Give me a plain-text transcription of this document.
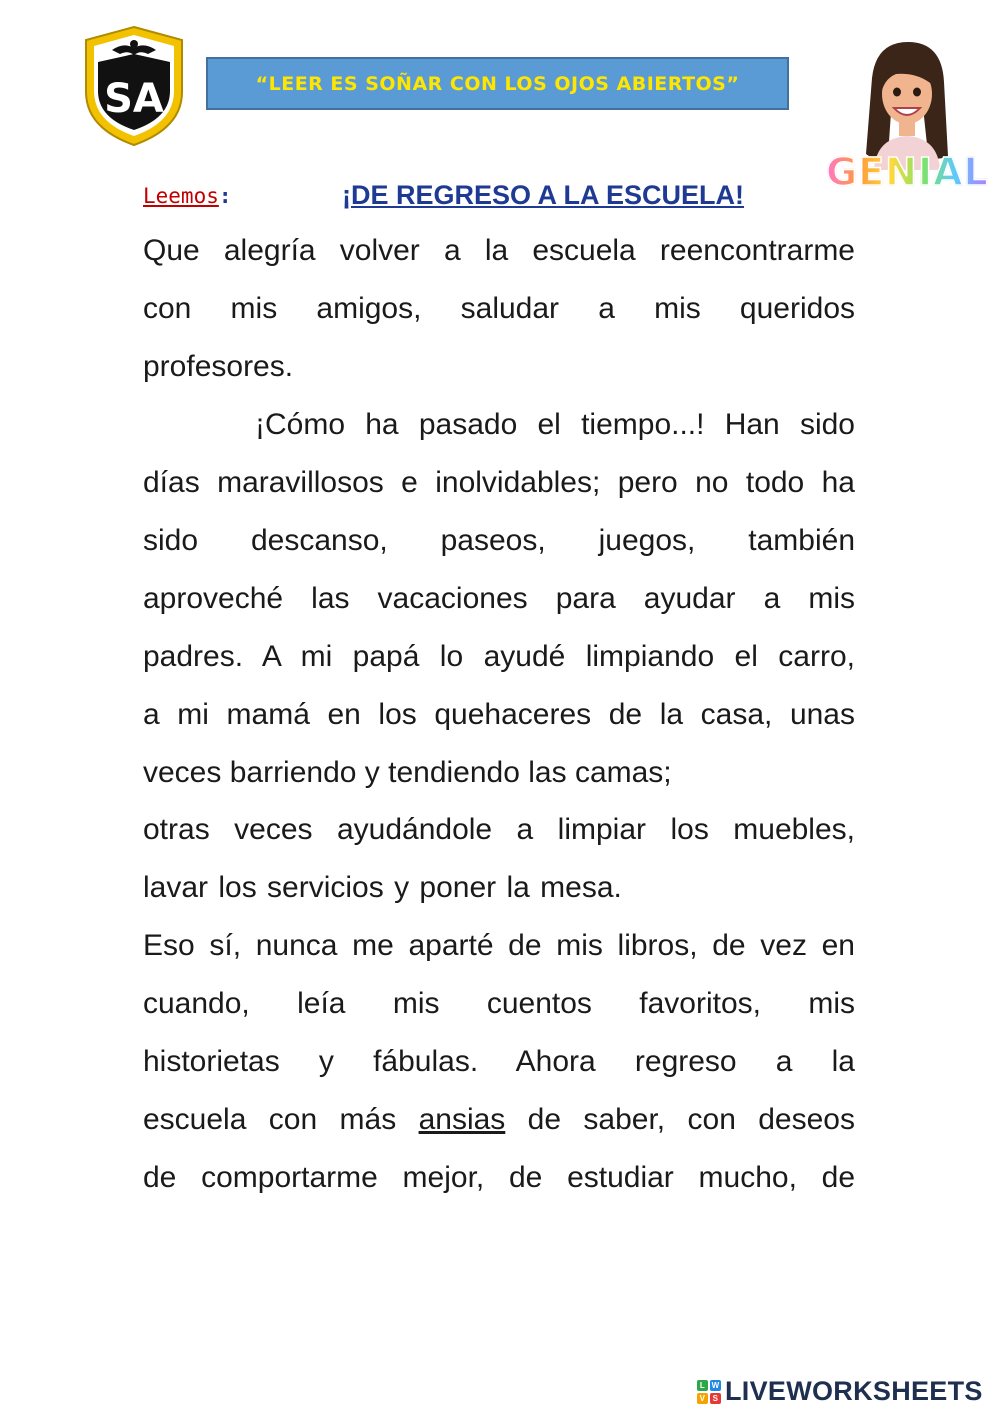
SA	“LEER ES SOÑAR CON LOS OJOS ABIERTOS”
GENIAL
Leemos:	¡DE REGRESO A LA ESCUELA!
Que alegría volver a la escuela reencontrarme
con mis amigos, saludar a mis queridos
profesores.
¡Cómo ha pasado el tiempo...! Han sido
días maravillosos e inolvidables; pero no todo ha
sido descanso, paseos, juegos, también
aproveché las vacaciones para ayudar a mis
padres. A mi papá lo ayudé limpiando el carro,
a mi mamá en los quehaceres de la casa, unas
veces barriendo y tendiendo las camas;
otras veces ayudándole a limpiar los muebles,
lavar los servicios y poner la mesa.
Eso sí, nunca me aparté de mis libros, de vez en
cuando, leía mis cuentos favoritos, mis
historietas y fábulas. Ahora regreso a la
escuela con más ansias de saber, con deseos
de comportarme mejor, de estudiar mucho, de
L W
V S LIVEWORKSHEETS
